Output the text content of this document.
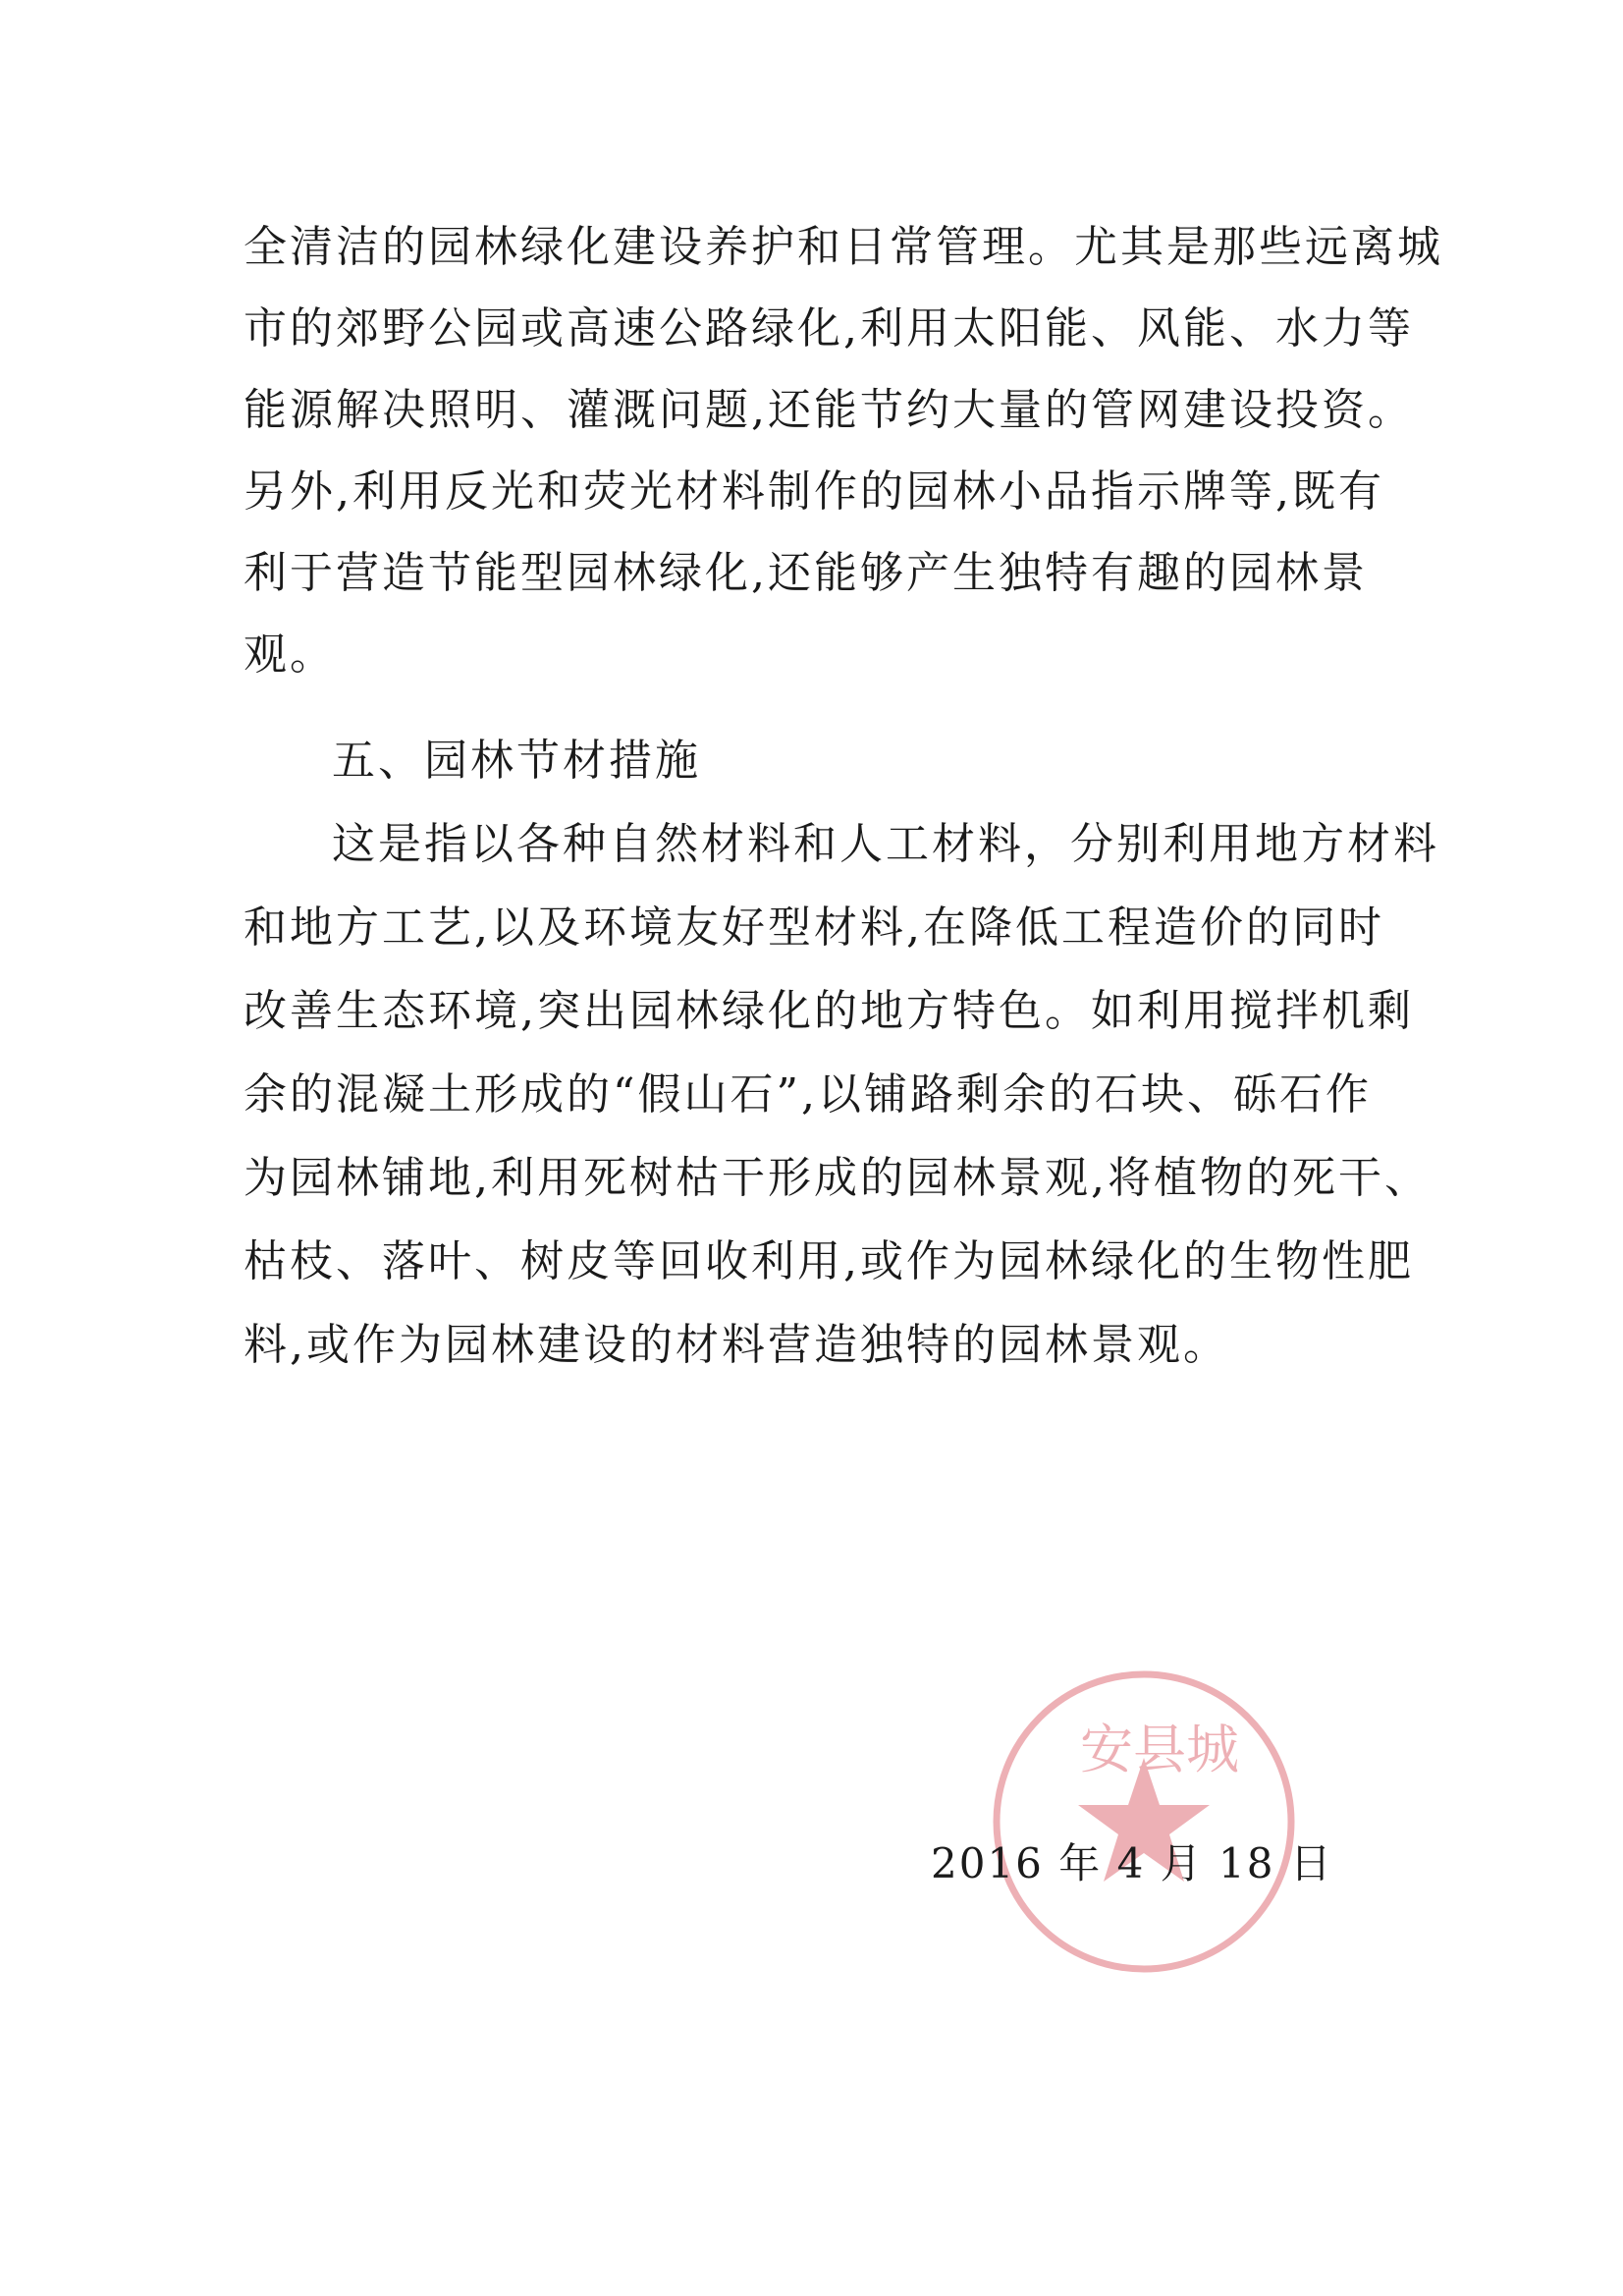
全清洁的园林绿化建设养护和日常管理。尤其是那些远离城
市的郊野公园或高速公路绿化,利用太阳能、风能、水力等
能源解决照明、灌溉问题,还能节约大量的管网建设投资。
另外,利用反光和荧光材料制作的园林小品指示牌等,既有
利于营造节能型园林绿化,还能够产生独特有趣的园林景
观。
五、园林节材措施
这是指以各种自然材料和人工材料，分别利用地方材料
和地方工艺,以及环境友好型材料,在降低工程造价的同时
改善生态环境,突出园林绿化的地方特色。如利用搅拌机剩
余的混凝土形成的“假山石”,以铺路剩余的石块、砾石作
为园林铺地,利用死树枯干形成的园林景观,将植物的死干、
枯枝、落叶、树皮等回收利用,或作为园林绿化的生物性肥
料,或作为园林建设的材料营造独特的园林景观。
安县城
2016 年 4 月 18 日
